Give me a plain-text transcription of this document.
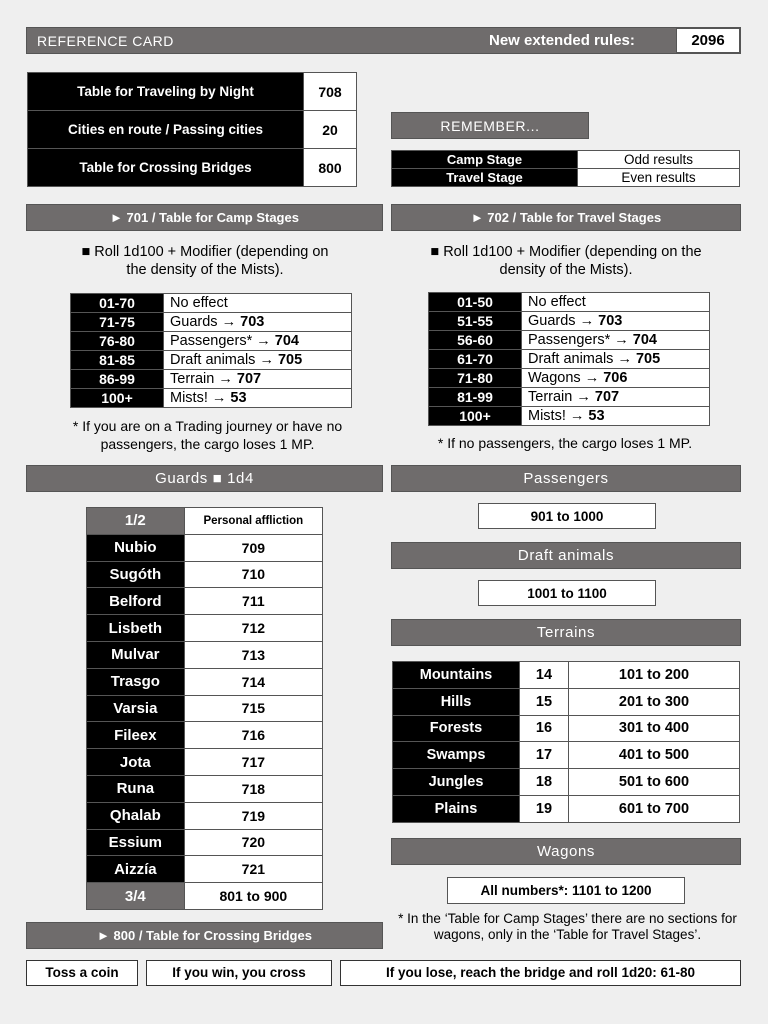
REFERENCE CARD	New extended rules:	2096
Table for Traveling by Night	708
Cities en route / Passing cities	20
Table for Crossing Bridges	800
REMEMBER...
Camp Stage	Odd results
Travel Stage	Even results
► 701 / Table for Camp Stages
■ Roll 1d100 + Modifier (depending on the density of the Mists).
01-70	No effect
71-75	Guards → 703
76-80	Passengers* → 704
81-85	Draft animals → 705
86-99	Terrain → 707
100+	Mists! → 53
* If you are on a Trading journey or have no passengers, the cargo loses 1 MP.
► 702 / Table for Travel Stages
■ Roll 1d100 + Modifier (depending on the density of the Mists).
01-50	No effect
51-55	Guards → 703
56-60	Passengers* → 704
61-70	Draft animals → 705
71-80	Wagons → 706
81-99	Terrain → 707
100+	Mists! → 53
* If no passengers, the cargo loses 1 MP.
Guards ■ 1d4
1/2	Personal affliction
Nubio	709
Sugóth	710
Belford	711
Lisbeth	712
Mulvar	713
Trasgo	714
Varsia	715
Fileex	716
Jota	717
Runa	718
Qhalab	719
Essium	720
Aizzía	721
3/4	801 to 900
Passengers
901 to 1000
Draft animals
1001 to 1100
Terrains
Mountains	14	101 to 200
Hills	15	201 to 300
Forests	16	301 to 400
Swamps	17	401 to 500
Jungles	18	501 to 600
Plains	19	601 to 700
Wagons
All numbers*: 1101 to 1200
* In the ‘Table for Camp Stages’ there are no sections for wagons, only in the ‘Table for Travel Stages’.
► 800 / Table for Crossing Bridges
Toss a coin	If you win, you cross	If you lose, reach the bridge and roll 1d20: 61-80
